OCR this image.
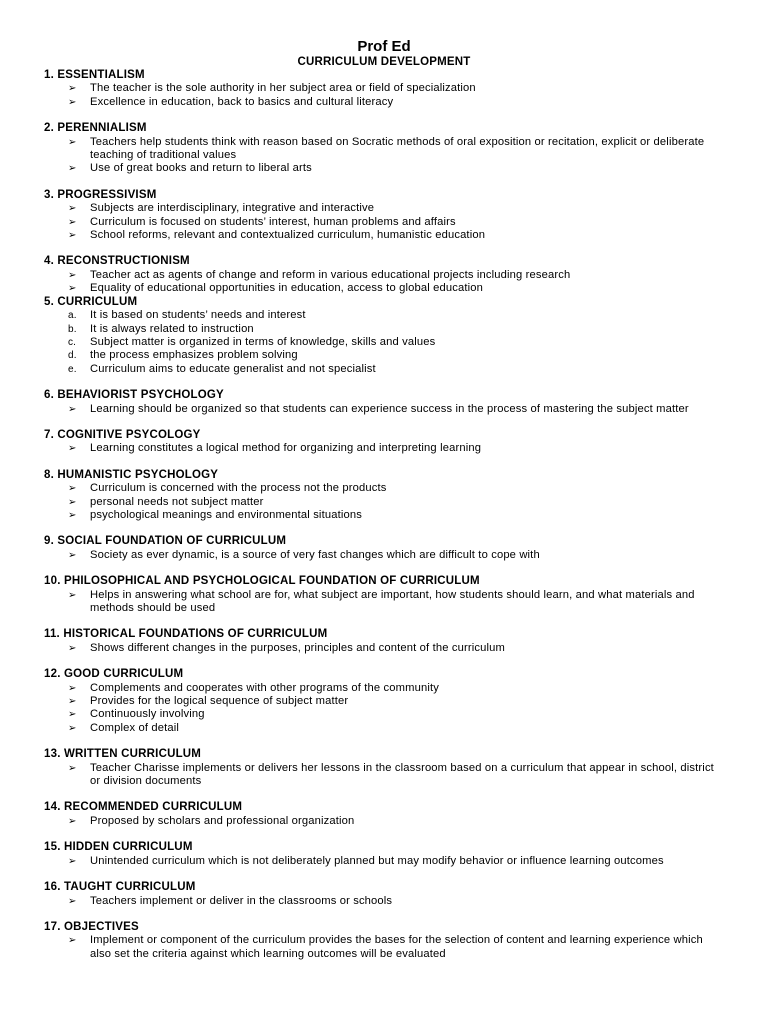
Prof Ed
CURRICULUM DEVELOPMENT
1. ESSENTIALISM
➢	The teacher is the sole authority in her subject area or field of specialization
➢	Excellence in education, back to basics and cultural literacy
2. PERENNIALISM
➢	Teachers help students think with reason based on Socratic methods of oral exposition or recitation, explicit or deliberate teaching of traditional values
➢	Use of great books and return to liberal arts
3. PROGRESSIVISM
➢	Subjects are interdisciplinary, integrative and interactive
➢	Curriculum is focused on students’ interest, human problems and affairs
➢	School reforms, relevant and contextualized curriculum, humanistic education
4. RECONSTRUCTIONISM
➢	Teacher act as agents of change and reform in various educational projects including research
➢	Equality of educational opportunities in education, access to global education
5. CURRICULUM
a.	It is based on students’ needs and interest
b.	It is always related to instruction
c.	Subject matter is organized in terms of knowledge, skills and values
d.	the process emphasizes problem solving
e.	Curriculum aims to educate generalist and not specialist
6. BEHAVIORIST PSYCHOLOGY
➢	Learning should be organized so that students can experience success in the process of mastering the subject matter
7. COGNITIVE PSYCOLOGY
➢	Learning constitutes a logical method for organizing and interpreting learning
8. HUMANISTIC PSYCHOLOGY
➢	Curriculum is concerned with the process not the products
➢	personal needs not subject matter
➢	psychological meanings and environmental situations
9. SOCIAL FOUNDATION OF CURRICULUM
➢	Society as ever dynamic, is a source of very fast changes which are difficult to cope with
10. PHILOSOPHICAL AND PSYCHOLOGICAL FOUNDATION OF CURRICULUM
➢	Helps in answering what school are for, what subject are important, how students should learn, and what materials and methods should be used
11. HISTORICAL FOUNDATIONS OF CURRICULUM
➢	Shows different changes in the purposes, principles and content of the curriculum
12. GOOD CURRICULUM
➢	Complements and cooperates with other programs of the community
➢	Provides for the logical sequence of subject matter
➢	Continuously involving
➢	Complex of detail
13. WRITTEN CURRICULUM
➢	Teacher Charisse implements or delivers her lessons in the classroom based on a curriculum that appear in school, district or division documents
14. RECOMMENDED CURRICULUM
➢	Proposed by scholars and professional organization
15. HIDDEN CURRICULUM
➢	Unintended curriculum which is not deliberately planned but may modify behavior or influence learning outcomes
16. TAUGHT CURRICULUM
➢	Teachers implement or deliver in the classrooms or schools
17. OBJECTIVES
➢	Implement or component of the curriculum provides the bases for the selection of content and learning experience which also set the criteria against which learning outcomes will be evaluated
